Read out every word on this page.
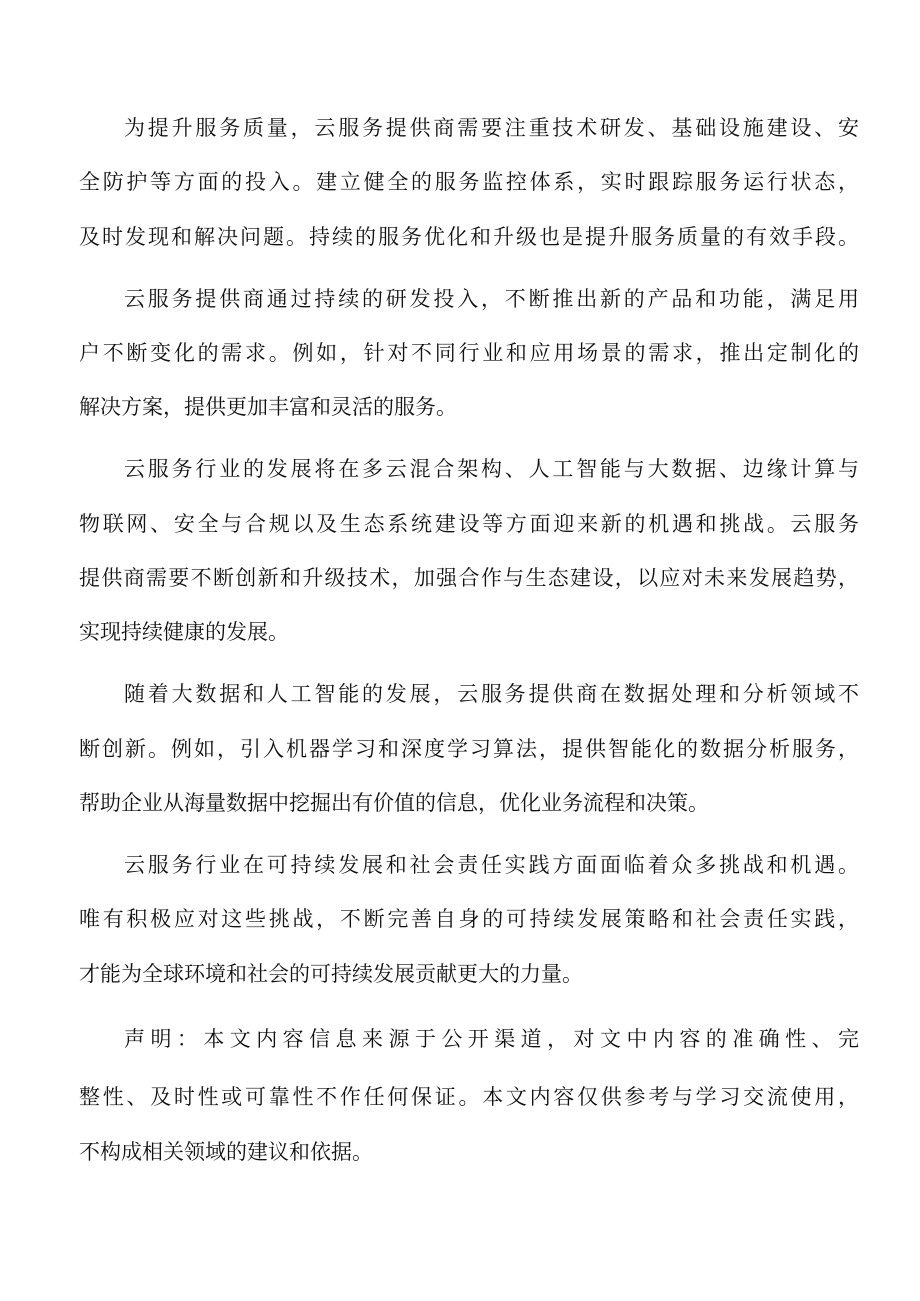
为提升服务质量，云服务提供商需要注重技术研发、基础设施建设、安
全防护等方面的投入。建立健全的服务监控体系，实时跟踪服务运行状态，
及时发现和解决问题。持续的服务优化和升级也是提升服务质量的有效手段。
云服务提供商通过持续的研发投入，不断推出新的产品和功能，满足用
户不断变化的需求。例如，针对不同行业和应用场景的需求，推出定制化的
解决方案，提供更加丰富和灵活的服务。
云服务行业的发展将在多云混合架构、人工智能与大数据、边缘计算与
物联网、安全与合规以及生态系统建设等方面迎来新的机遇和挑战。云服务
提供商需要不断创新和升级技术，加强合作与生态建设，以应对未来发展趋势，
实现持续健康的发展。
随着大数据和人工智能的发展，云服务提供商在数据处理和分析领域不
断创新。例如，引入机器学习和深度学习算法，提供智能化的数据分析服务，
帮助企业从海量数据中挖掘出有价值的信息，优化业务流程和决策。
云服务行业在可持续发展和社会责任实践方面面临着众多挑战和机遇。
唯有积极应对这些挑战，不断完善自身的可持续发展策略和社会责任实践，
才能为全球环境和社会的可持续发展贡献更大的力量。
声明：本文内容信息来源于公开渠道，对文中内容的准确性、完
整性、及时性或可靠性不作任何保证。本文内容仅供参考与学习交流使用，
不构成相关领域的建议和依据。
